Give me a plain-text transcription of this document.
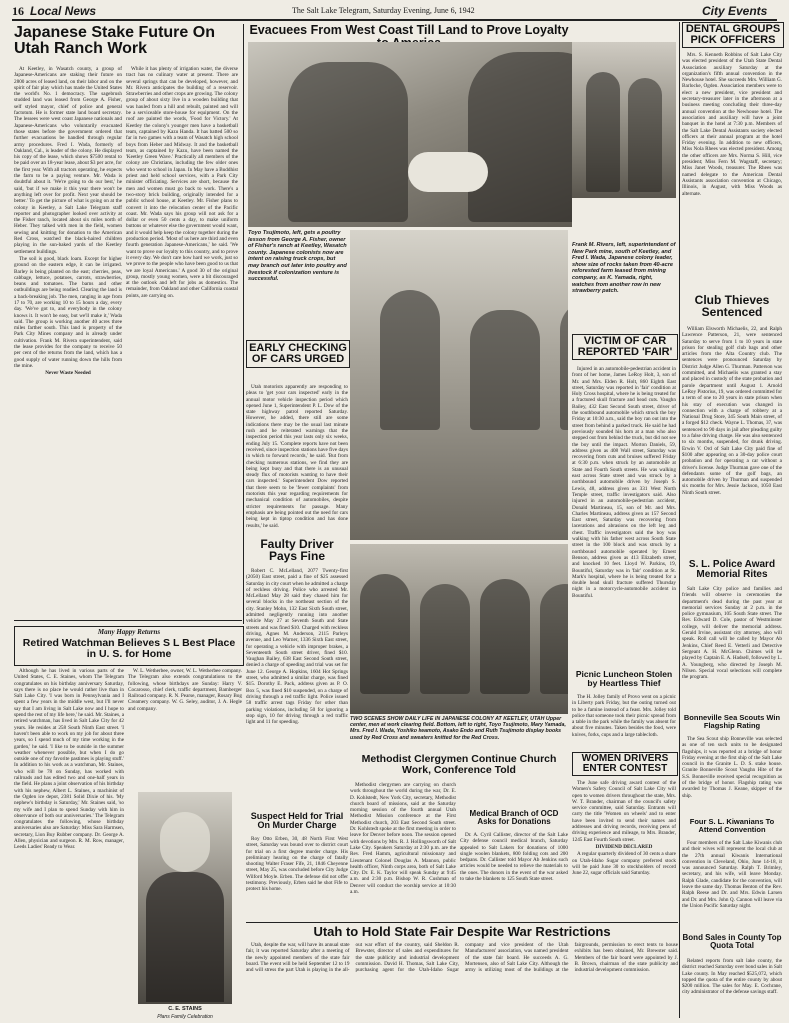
16 Local News	The Salt Lake Telegram, Saturday Evening, June 6, 1942	City Events
Japanese Stake Future On Utah Ranch Work

At Keetley, in Wasatch county, a group of Japanese-Americans are staking their future on 2800 acres of leased land, on their labor and on the spirit of fair play which has made the United States the world's No. 1 democracy. The sagebrush studded land was leased from George A. Fisher, self styled mayor, chief of police and general factotum. He is former state land board secretary. The lessees were west coast Japanese nationals and Japanese-Americans who voluntarily evacuated those states before the government ordered that further evacuations be handled through regular army procedures. Fred I. Wada, formerly of Oakland, Cal., is leader of the colony. He displayed his copy of the lease, which shows $7500 rental to be paid over an 18-year lease, about $3 per acre, for the first year. With all tractors operating, he expects the farm to be a paying venture. Mr. Wada is doubtful about it. 'We're going to do our best,' he said, 'but if we make it this year there won't be anything left over for profit. Next year should be better.' To get the picture of what is going on at the colony in Keetley, a Salt Lake Telegram staff reporter and photographer looked over activity at the Fisher ranch, located about six miles north of Heber. They talked with men in the field, women sewing and knitting for donation to the American Red Cross, watched the black-haired children playing in the sun-baked yards of the Keetley settlement buildings.

The soil is good, black loam. Except for higher ground on the eastern edge, it can be irrigated. Barley is being planted on the east; cherries, peas, cabbage, lettuce, potatoes, carrots, strawberries, beans and tomatoes. The barns and other outbuildings are being readied. Clearing the land is a back-breaking job. The men, ranging in age from 17 to 70, are working 10 to 15 hours a day, every day. 'We've got to, and everybody in the colony knows it. It won't be easy, but we'll make it,' Wada said. The group is working another 40 acres three miles farther south. This land is property of the Park City Mines company and is already under cultivation. Frank M. Rivera superintendent, said the lease provides for the company to receive 50 per cent of the returns from the land, which has a good supply of water running down the hills from the mine.

Never Waste Needed

While it has plenty of irrigation water, the diverse tract has no culinary water at present. There are several springs that can be developed, however, and Mr. Rivera anticipates the building of a reservoir. Strawberries and other crops are growing. The colony group of about sixty live in a wooden building that was hauled from a hill and rebuilt, painted and will be a serviceable store-house for equipment. On the roof are painted the words, 'Food for Victory.' At Keetley the colony's younger men have a basketball team, captained by Kazu Handa. It has batted 500 so far in two games with a team of Wasatch high school boys from Heber and Midway. It and the basketball team, as captained by Kazu, have been named the 'Keetley Green Wave.' Practically all members of the colony are Christians, including the few older ones who went to school in Japan. In May have a Buddhist priest and held school services, with a Park City minister officiating. Services are short, because the men and women must go back to work. There's a two-story brick building, originally intended for a public school house, at Keetley. Mr. Fisher plans to convert it into the relocation center of the Pacific coast. Mr. Wada says his group will not ask for a dollar or even 50 cents a day, to make uniform buttons or whatever else the government would want, and it would help keep the colony together during the production period. 'Most of us here are third and even fourth generation Japanese-Americans,' he said. 'We want to prove our loyalty to this country, and to prove it every day. We don't care how hard we work, just so we prove to the people who have been good to us that we are loyal Americans.' A good 30 of the original group, mostly young women, were a bit discouraged at the outlook and left for jobs as domestics. The remainder, from Oakland and other California coastal points, are carrying on.

Evacuees From West Coast Till Land to Prove Loyalty
Toyo Tsujimoto, left, gets a poultry lesson from George A. Fisher, owner of Fisher's ranch at Keetley, Wasatch county. Japanese colonists now are intent on raising truck crops, but may branch out later into poultry and livestock if colonization venture is successful.
EARLY CHECKING OF CARS URGED

Utah motorists apparently are responding to pleas to 'get your cars inspected' early in the annual motor vehicle inspection period which opened June 1, Superintendent P. L. Dow of the state highway patrol reported Saturday. However, he added, there still are some indications there may be the usual last minute rush and he reiterated warnings that the inspection period this year lasts only six weeks, ending July 15. 'Complete reports have not been received, since inspection stations have five days in which to forward records,' he said. 'But from checking numerous stations, we find they are being kept busy and that there is an unusual steady flux of motorists wanting to have their cars inspected.' Superintendent Dow reported that there seem to be 'fewer complaints' from motorists this year regarding requirements for mechanical condition of automobiles, despite stricter requirements for passage. Many emphasis are being pointed out the need for cars being kept in tiptop condition and has done results,' he said.

Faulty Driver Pays Fine

Robert C. McLelland, 2077 Twenty-first (2050) East street, paid a fine of $25 assessed Saturday in city court when he admitted a charge of reckless driving. Police who arrested Mr. McLelland May 28 said they chased him for several blocks in the northeast section of the city. Stanley Mohn, 132 East Sixth South street, admitted negligently running into another vehicle May 27 at Seventh South and State streets and was fined $10. Charged with reckless driving, Agnes M. Anderson, 2115 Parleys avenue, and Leo Warner, 1336 Sixth East street, for operating a vehicle with improper brakes, a Seventeenth South street driver, fined $10. Vaughan Bailey, 638 East Second South street, denied a charge of speeding and trial was set for June 12. George A. Hopkins, 1604 Hot Springs street, who admitted a similar charge, was fined $15. Dorothy E. Pack, address given as P. O. Box 5, was fined $10 suspended, on a charge of driving through a red traffic light. Police issued 58 traffic arrest tags Friday for other than parking violations, including 50 for ignoring a stop sign, 10 for driving through a red traffic light and 11 for speeding.

Suspect Held for Trial On Murder Charge

Roy Otto Erben, 30, 48 North First West street, Saturday was bound over to district court for trial on a first degree murder charge. His preliminary hearing on the charge of fatally shooting Walter Fraser Fife, 21, 1846 Cheyenne street, May 25, was concluded before City Judge Wilford Moyle. Erben. The defense did not offer testimony. Previously, Erben said he shot Fife to protect his home.

TWO SCENES SHOW DAILY LIFE IN JAPANESE COLONY AT KEETLEY, UTAH Upper center, men at work clearing field. Bottom, left to right, Toyo Tsujimoto, Mary Yamada, Mrs. Fred I. Wada, Yoshiko Iwamoto, Asako Endo and Ruth Tsujimoto display books used by Red Cross and sweaters knitted for the Red Cross.
DENTAL GROUPS PICK OFFICERS

Mrs. S. Kenneth Robbins of Salt Lake City was elected president of the Utah State Dental Association auxiliary Saturday at the organization's fifth annual convention in the Newhouse hotel. She succeeds Mrs. William G. Barlocke, Ogden. Association members were to elect a new president, vice president and secretary-treasurer later in the afternoon at a business meeting concluding their three-day annual convention at the Newhouse hotel. The association and auxiliary will have a joint banquet in the hotel at 7:30 p.m. Members of the Salt Lake Dental Assistants society elected officers at their annual program at the hotel Friday evening. In addition to new officers, Miss Nola Rhees was elected president. Among the other officers are Mrs. Norma S. Hill, vice president; Miss Fern M. Wagstaff, secretary; Miss Janet Woods, treasurer. The Rhees was named delegate to the American Dental Assistants association convention at Chicago, Illinois, in August, with Miss Woods as alternate.

Club Thieves Sentenced

William Elsworth Michaelis, 22, and Ralph Lawrence Patterson, 21, were sentenced Saturday to serve from 1 to 10 years in state prison for stealing golf club bags and other articles from the Alta Country club. The sentences were pronounced Saturday by District Judge Allen G. Thurman. Patterson was committed, and Michaelis was granted a stay and placed in custody of the state probation and parole department until August 1. Arnold LeRoy Pistorius, 19, was ordered committed for a term of one to 20 years in state prison when his stay of execution was changed in connection with a charge of robbery at a National Drug Store, 345 South Main street, of a forged $12 check. Wayne L. Thomas, 37, was sentenced to 90 days in jail after pleading guilty to a false driving charge. He was also sentenced to six months, suspended, for drunk driving. Erwin V. Ord of Salt Lake City paid fine of $100 after appearing on a 30-day police court probation and for operating a car without a driver's license. Judge Thurman gave one of the defendants some of the golf bags, an automobile driven by Thurman and suspended six months for Mrs. Jessie Jackson, 1050 East Ninth South street.

S. L. Police Award Memorial Rites

Salt Lake City police and families and friends will observe in ceremonies the department's dead during the past year at memorial services Sunday at 2 p.m. in the police gymnasium, 105 South State street. The Rev. Edward D. Cole, pastor of Westminster college, will deliver the memorial address. Gerald Irvine, assistant city attorney, also will speak. Roll call will be called by Mayor Ab Jenkins, Chief Reed E. Vetterli and Detective Sergeant A. H. McGlenn. Chimes will be played by Captain E. A. Hadsell, followed by L. A. Youngberg, who directed by Joseph M. Nilsen. Special vocal selections will complete the program.

Bonneville Sea Scouts Win Flagship Rating

The Sea Scout ship Bonneville was selected as one of ten such units to be designated flagships, it was reported at a bridge of honor Friday evening at the first ship of the Salt Lake council in the Granite L. D. S. stake house. Granite Bonneville Scout Vaughn Hite of the S.S. Bonneville received special recognition as of the bridge of honor. Flagship rating was awarded by Thomas J. Keane, skipper of the ship.

Four S. L. Kiwanians To Attend Convention

Four members of the Salt Lake Kiwanis club and their wives will represent the local club at the 27th annual Kiwanis International convention in Cleveland, Ohio, June 14-18, it was announced Saturday. Ralph T. Brimley, secretary, and his wife, will leave Monday. Ralph Glade, candidate for the convention, will leave the same day. Thomas Benton of the Rev. Ralph Reese and Dr. and Mrs. Edwin Larsen and Dr. and Mrs. John Q. Cannon will leave via the Union Pacific Saturday night.

Bond Sales in County Top Quota Total

Related reports from salt lake county, the district reached Saturday over bond sales in Salt Lake county. In May reached $525,072, which topped the quota of the entire county by about $200 million. The sales for May. E. Cochrane, city administrator of the defense savings staff.

Many Happy Returns
Retired Watchman Believes S L Best Place in U. S. for Home

Although he has lived in various parts of the United States, C. E. Staines, whom The Telegram congratulates on his birthday anniversary Saturday, says there is no place he would rather live than in Salt Lake City. 'I was born in Pennsylvania and I spent a few years in the middle west, but I'll never say that I am living in Salt Lake now and I hope to spend the rest of my life here,' he said. Mr. Staines, a retired watchman, has lived in Salt Lake City for 42 years. He resides at 258 South Ninth East street. 'I haven't been able to work on my job for about three years, so I spend much of my time working in the garden,' he said. 'I like to be outside in the summer weather whenever possible, but when I do go outside one of my favorite pastimes is playing stuff.' In addition to his work as a watchman, Mr. Staines, who will be 78 on Sunday, has worked with railroads and has edited two and one-half years in the field. He plans a joint observation of his birthday with his nephew, Albert L. Staines, a machinist of the Ogden ice depot, 2381 Solid Dixie of his. 'My nephew's birthday is Saturday,' Mr. Staines said, 'so my wife and I plan to spend Sunday with him in observance of both our anniversaries.' The Telegram congratulates the following, whose birthday anniversaries also are Saturday: Miss Sara Harmsen, secretary, Lion Buy Rubber company. Dr. George A. Allen, physician and surgeon. R. M. Row, manager, Leeds Ladies' Ready to Wear.

W. L. Wetherbee, owner, W. L. Wetherbee company. The Telegram also extends congratulations to the following, whose birthdays are Sunday: Harry V. Cocarosso, chief clerk, traffic department, Bamberger Railroad company. R. N. Pearse, manager, Rosary Bog Creamery company. W. G. Seley, auditor, J. A. Hegle and company.

C. E. STAINS
Plans Family Celebration
Methodist Clergymen Continue Church Work, Conference Told

Methodist clergymen are carrying on church work throughout the world during the war, Dr. E. D. Kohlstedt, New York City, secretary, Methodist church board of missions, said at the Saturday morning session of the fourth annual Utah Methodist Mission conference at the First Methodist church, 203 East Second South street. Dr. Kohlstedt spoke at the first meeting in order to leave for Denver before noon. The session opened with devotions by Mrs. R. J. Hollingsworth of Salt Lake City. Speakers Saturday at 2:30 p.m. are the Rev. Fred Hamm, agricultural missionary and Lieutenant Colonel Douglas A. Mannon, public health officer, Ninth corps area, both of Salt Lake City. Dr. E. K. Taylor will speak Sunday at 9:45 a.m. and 2:30 p.m. Bishop W. R. Cushman of Denver will conduct the worship service at 10:30 a.m.

Medical Branch of OCD Asks for Donations

Dr. A. Cyril Callister, director of the Salt Lake City defense council medical branch, Saturday appealed to Salt Lakers for donations of 1000 single woolen blankets, 800 folding cots and 200 bedpans. Dr. Callister told Mayor Ab Jenkins such articles would be needed to relieve the materials to the ones. The donors in the event of the war asked to take the blankets to 125 South State street.

WOMEN DRIVERS ENTER CONTEST

The June safe driving award contest of the Women's Safety Council of Salt Lake City will open to women drivers throughout the state, Mrs. W. T. Brander, chairman of the council's safety service committee, said Saturday. Entrants will carry the title 'Women on wheels' and to enter have been invited to send their names and addresses and driving records, receiving pens of driving experience and mileage, to Mrs. Brander, 1245 East Fourth South street.

DIVIDEND DECLARED

A regular quarterly dividend of 30 cents a share on Utah-Idaho Sugar company preferred stock will be paid June 30 to stockholders of record June 22, sugar officials said Saturday.

Utah to Hold State Fair Despite War Restrictions

Utah, despite the war, will have its annual state fair, it was reported Saturday after a meeting of the newly appointed members of the state fair board. The event will be held September 12 to 19 and will stress the part Utah is playing in the all-out war effort of the country, said Sheldon R. Brewster, director of sales and expenditures for the state publicity and industrial development commission. David H. Thomas, Salt Lake City, purchasing agent for the Utah-Idaho Sugar company and vice president of the Utah Manufacturers' association, was named president of the state fair board. He succeeds A. G. Mortensen, also of Salt Lake City. Although the army is utilizing most of the buildings at the fairgrounds, permission to erect tents to house exhibits has been obtained, Mr. Brewster said. Members of the fair board were appointed by J. B. Brown, chairman of the state publicity and industrial development commission.

Frank M. Rivers, left, superintendent of New Park mine, south of Keetley, and Fred I. Wada, Japanese colony leader, show size of rocks taken from 40-acre reforested farm leased from mining company, as K. Yamada, right, watches from another row in new strawberry patch.
VICTIM OF CAR REPORTED 'FAIR'

Injured in an automobile-pedestrian accident in front of her home, James LeRoy Holt, 3, son of Mr. and Mrs. Elden R. Holt, 860 Eighth East street, Saturday was reported in 'fair' condition at Holy Cross hospital, where he is being treated for a fractured skull fracture and head cuts. Vaughn Bailey, 432 East Second South street, driver of the southbound automobile which struck the boy Friday at 10:30 a.m., said the boy ran out into the street from behind a parked truck. He said he had previously sounded his horn at a man who also stepped out from behind the truck, but did not see the boy until the impact. Morton Daniels, 59, address given as 408 Wall street, Saturday was recovering from cuts and bruises suffered Friday at 6:30 p.m. when struck by an automobile at State and Fourth South streets. He was walking east across State street and was struck by a northbound automobile driven by Joseph S. Lewis, 48, address given as 331 West North Temple street, traffic investigators said. Also injured in an automobile-pedestrian accident, Donald Martineau, 15, son of Mr. and Mrs. Charles Martineau, address given as 157 Second East street, Saturday was recovering from lacerations and abrasions on the left leg and chest. Traffic investigators said the boy was walking with his father west across South State street in the 100 block and was struck by a northbound automobile operated by Ernest Benson, address given as 413 Elizabeth street, and knocked 10 feet. Lloyd W. Parkins, 19, Bountiful, Saturday was in 'fair' condition at St. Mark's hospital, where he is being treated for a double head skull fracture suffered Thursday night in a motorcycle-automobile accident in Bountiful.

Picnic Luncheon Stolen by Heartless Thief

The H. Jolley family of Provo went on a picnic in Liberty park Friday, but the outing turned out to be a famine instead of a feast. Mrs. Jolley told police that someone took their picnic spread from a table in the park while the family was absent for about five minutes. Taken besides the food, were knives, forks, cups and a large tablecloth.
